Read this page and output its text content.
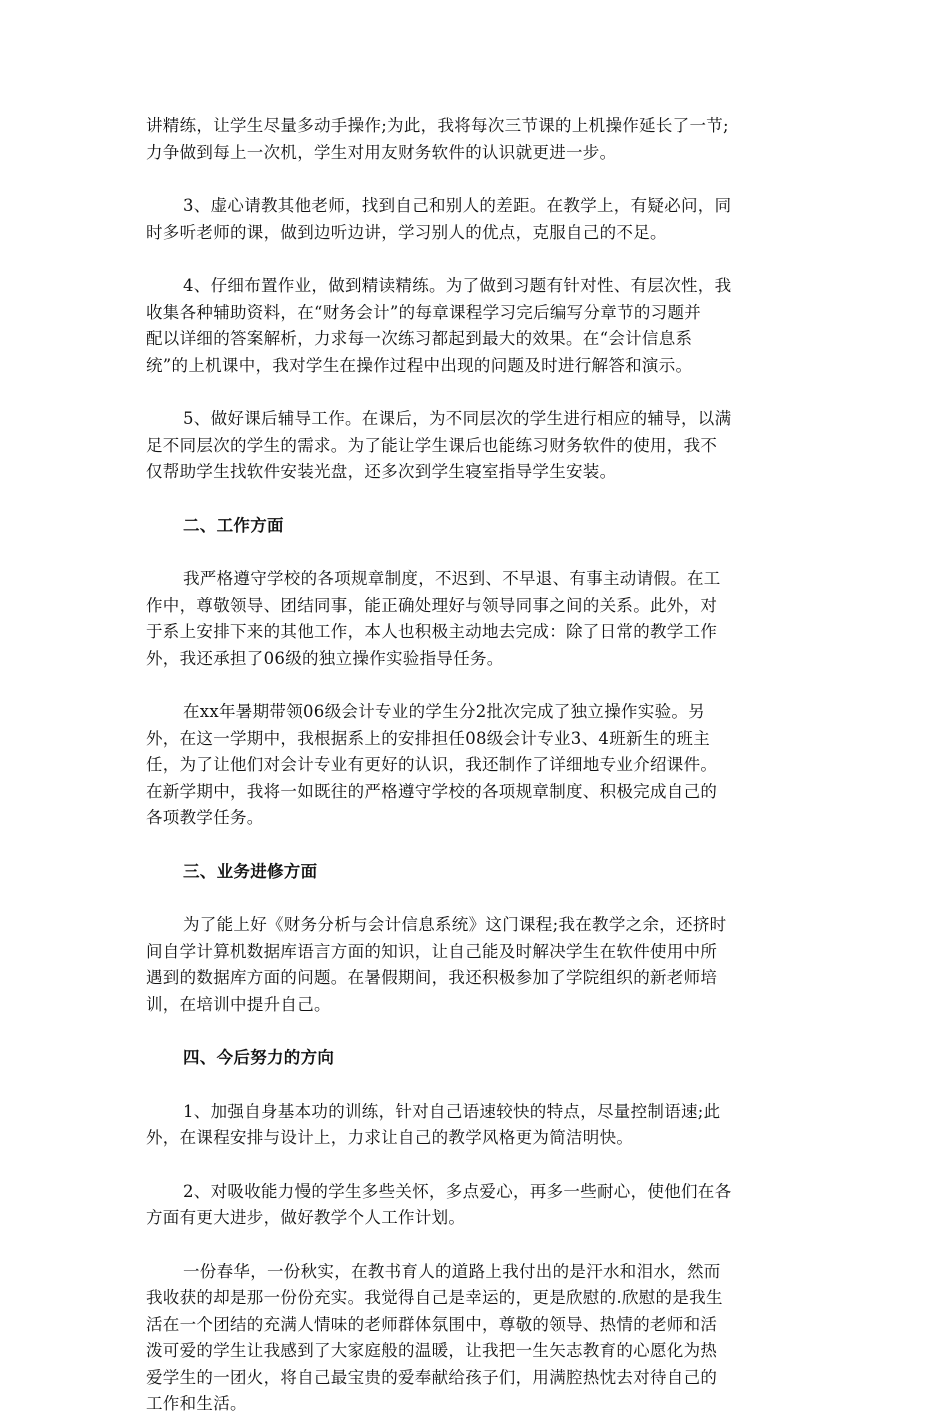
讲精练，让学生尽量多动手操作;为此，我将每次三节课的上机操作延长了一节;
力争做到每上一次机，学生对用友财务软件的认识就更进一步。
3、虚心请教其他老师，找到自己和别人的差距。在教学上，有疑必问，同
时多听老师的课，做到边听边讲，学习别人的优点，克服自己的不足。
4、仔细布置作业，做到精读精练。为了做到习题有针对性、有层次性，我
收集各种辅助资料，在“财务会计”的每章课程学习完后编写分章节的习题并
配以详细的答案解析，力求每一次练习都起到最大的效果。在“会计信息系
统”的上机课中，我对学生在操作过程中出现的问题及时进行解答和演示。
5、做好课后辅导工作。在课后，为不同层次的学生进行相应的辅导，以满
足不同层次的学生的需求。为了能让学生课后也能练习财务软件的使用，我不
仅帮助学生找软件安装光盘，还多次到学生寝室指导学生安装。
二、工作方面
我严格遵守学校的各项规章制度，不迟到、不早退、有事主动请假。在工
作中，尊敬领导、团结同事，能正确处理好与领导同事之间的关系。此外，对
于系上安排下来的其他工作，本人也积极主动地去完成：除了日常的教学工作
外，我还承担了06级的独立操作实验指导任务。
在xx年暑期带领06级会计专业的学生分2批次完成了独立操作实验。另
外，在这一学期中，我根据系上的安排担任08级会计专业3、4班新生的班主
任，为了让他们对会计专业有更好的认识，我还制作了详细地专业介绍课件。
在新学期中，我将一如既往的严格遵守学校的各项规章制度、积极完成自己的
各项教学任务。
三、业务进修方面
为了能上好《财务分析与会计信息系统》这门课程;我在教学之余，还挤时
间自学计算机数据库语言方面的知识，让自己能及时解决学生在软件使用中所
遇到的数据库方面的问题。在暑假期间，我还积极参加了学院组织的新老师培
训，在培训中提升自己。
四、今后努力的方向
1、加强自身基本功的训练，针对自己语速较快的特点，尽量控制语速;此
外，在课程安排与设计上，力求让自己的教学风格更为简洁明快。
2、对吸收能力慢的学生多些关怀，多点爱心，再多一些耐心，使他们在各
方面有更大进步，做好教学个人工作计划。
一份春华，一份秋实，在教书育人的道路上我付出的是汗水和泪水，然而
我收获的却是那一份份充实。我觉得自己是幸运的，更是欣慰的.欣慰的是我生
活在一个团结的充满人情味的老师群体氛围中，尊敬的领导、热情的老师和活
泼可爱的学生让我感到了大家庭般的温暖，让我把一生矢志教育的心愿化为热
爱学生的一团火，将自己最宝贵的爱奉献给孩子们，用满腔热忱去对待自己的
工作和生活。
